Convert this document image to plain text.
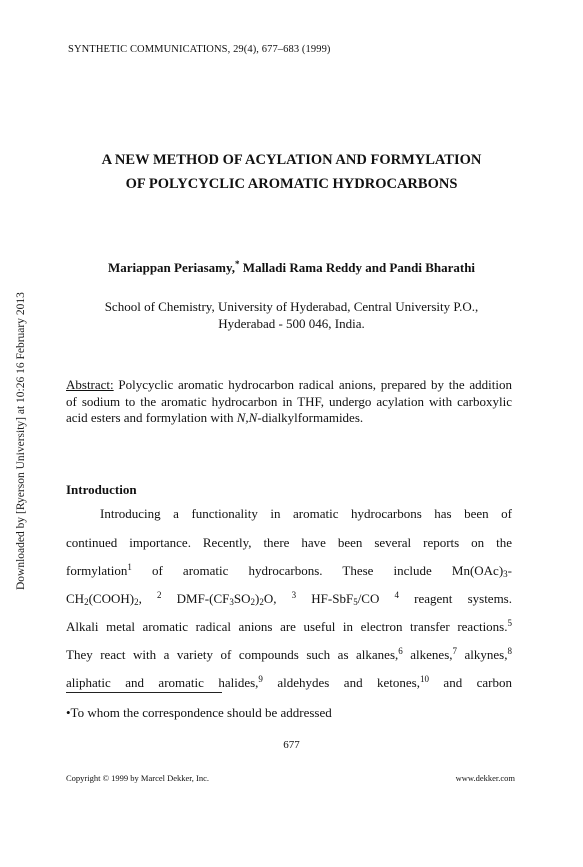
SYNTHETIC COMMUNICATIONS, 29(4), 677–683 (1999)
A NEW METHOD OF ACYLATION AND FORMYLATION
OF POLYCYCLIC AROMATIC HYDROCARBONS
Mariappan Periasamy,* Malladi Rama Reddy and Pandi Bharathi
School of Chemistry, University of Hyderabad, Central University P.O.,
Hyderabad - 500 046, India.
Abstract: Polycyclic aromatic hydrocarbon radical anions, prepared by the addition of sodium to the aromatic hydrocarbon in THF, undergo acylation with carboxylic acid esters and formylation with N,N-dialkylformamides.
Introduction
Introducing a functionality in aromatic hydrocarbons has been of
continued importance. Recently, there have been several reports on the
formylation$^1$ of aromatic hydrocarbons. These include $Mn(OAc)_3-$
$CH_2(COOH)_2$, $^2$ DMF-$(CF_3SO_2)_2O$, $^3$ HF-SbF$_5$/CO $^4$ reagent systems.
Alkali metal aromatic radical anions are useful in electron transfer reactions.$^5$
They react with a variety of compounds such as alkanes,$^6$ alkenes,$^7$ alkynes,$^8$
aliphatic and aromatic halides,$^9$ aldehydes and ketones,$^{10}$ and carbon
•To whom the correspondence should be addressed
677
Copyright © 1999 by Marcel Dekker, Inc.	www.dekker.com
Downloaded by [Ryerson University] at 10:26 16 February 2013
